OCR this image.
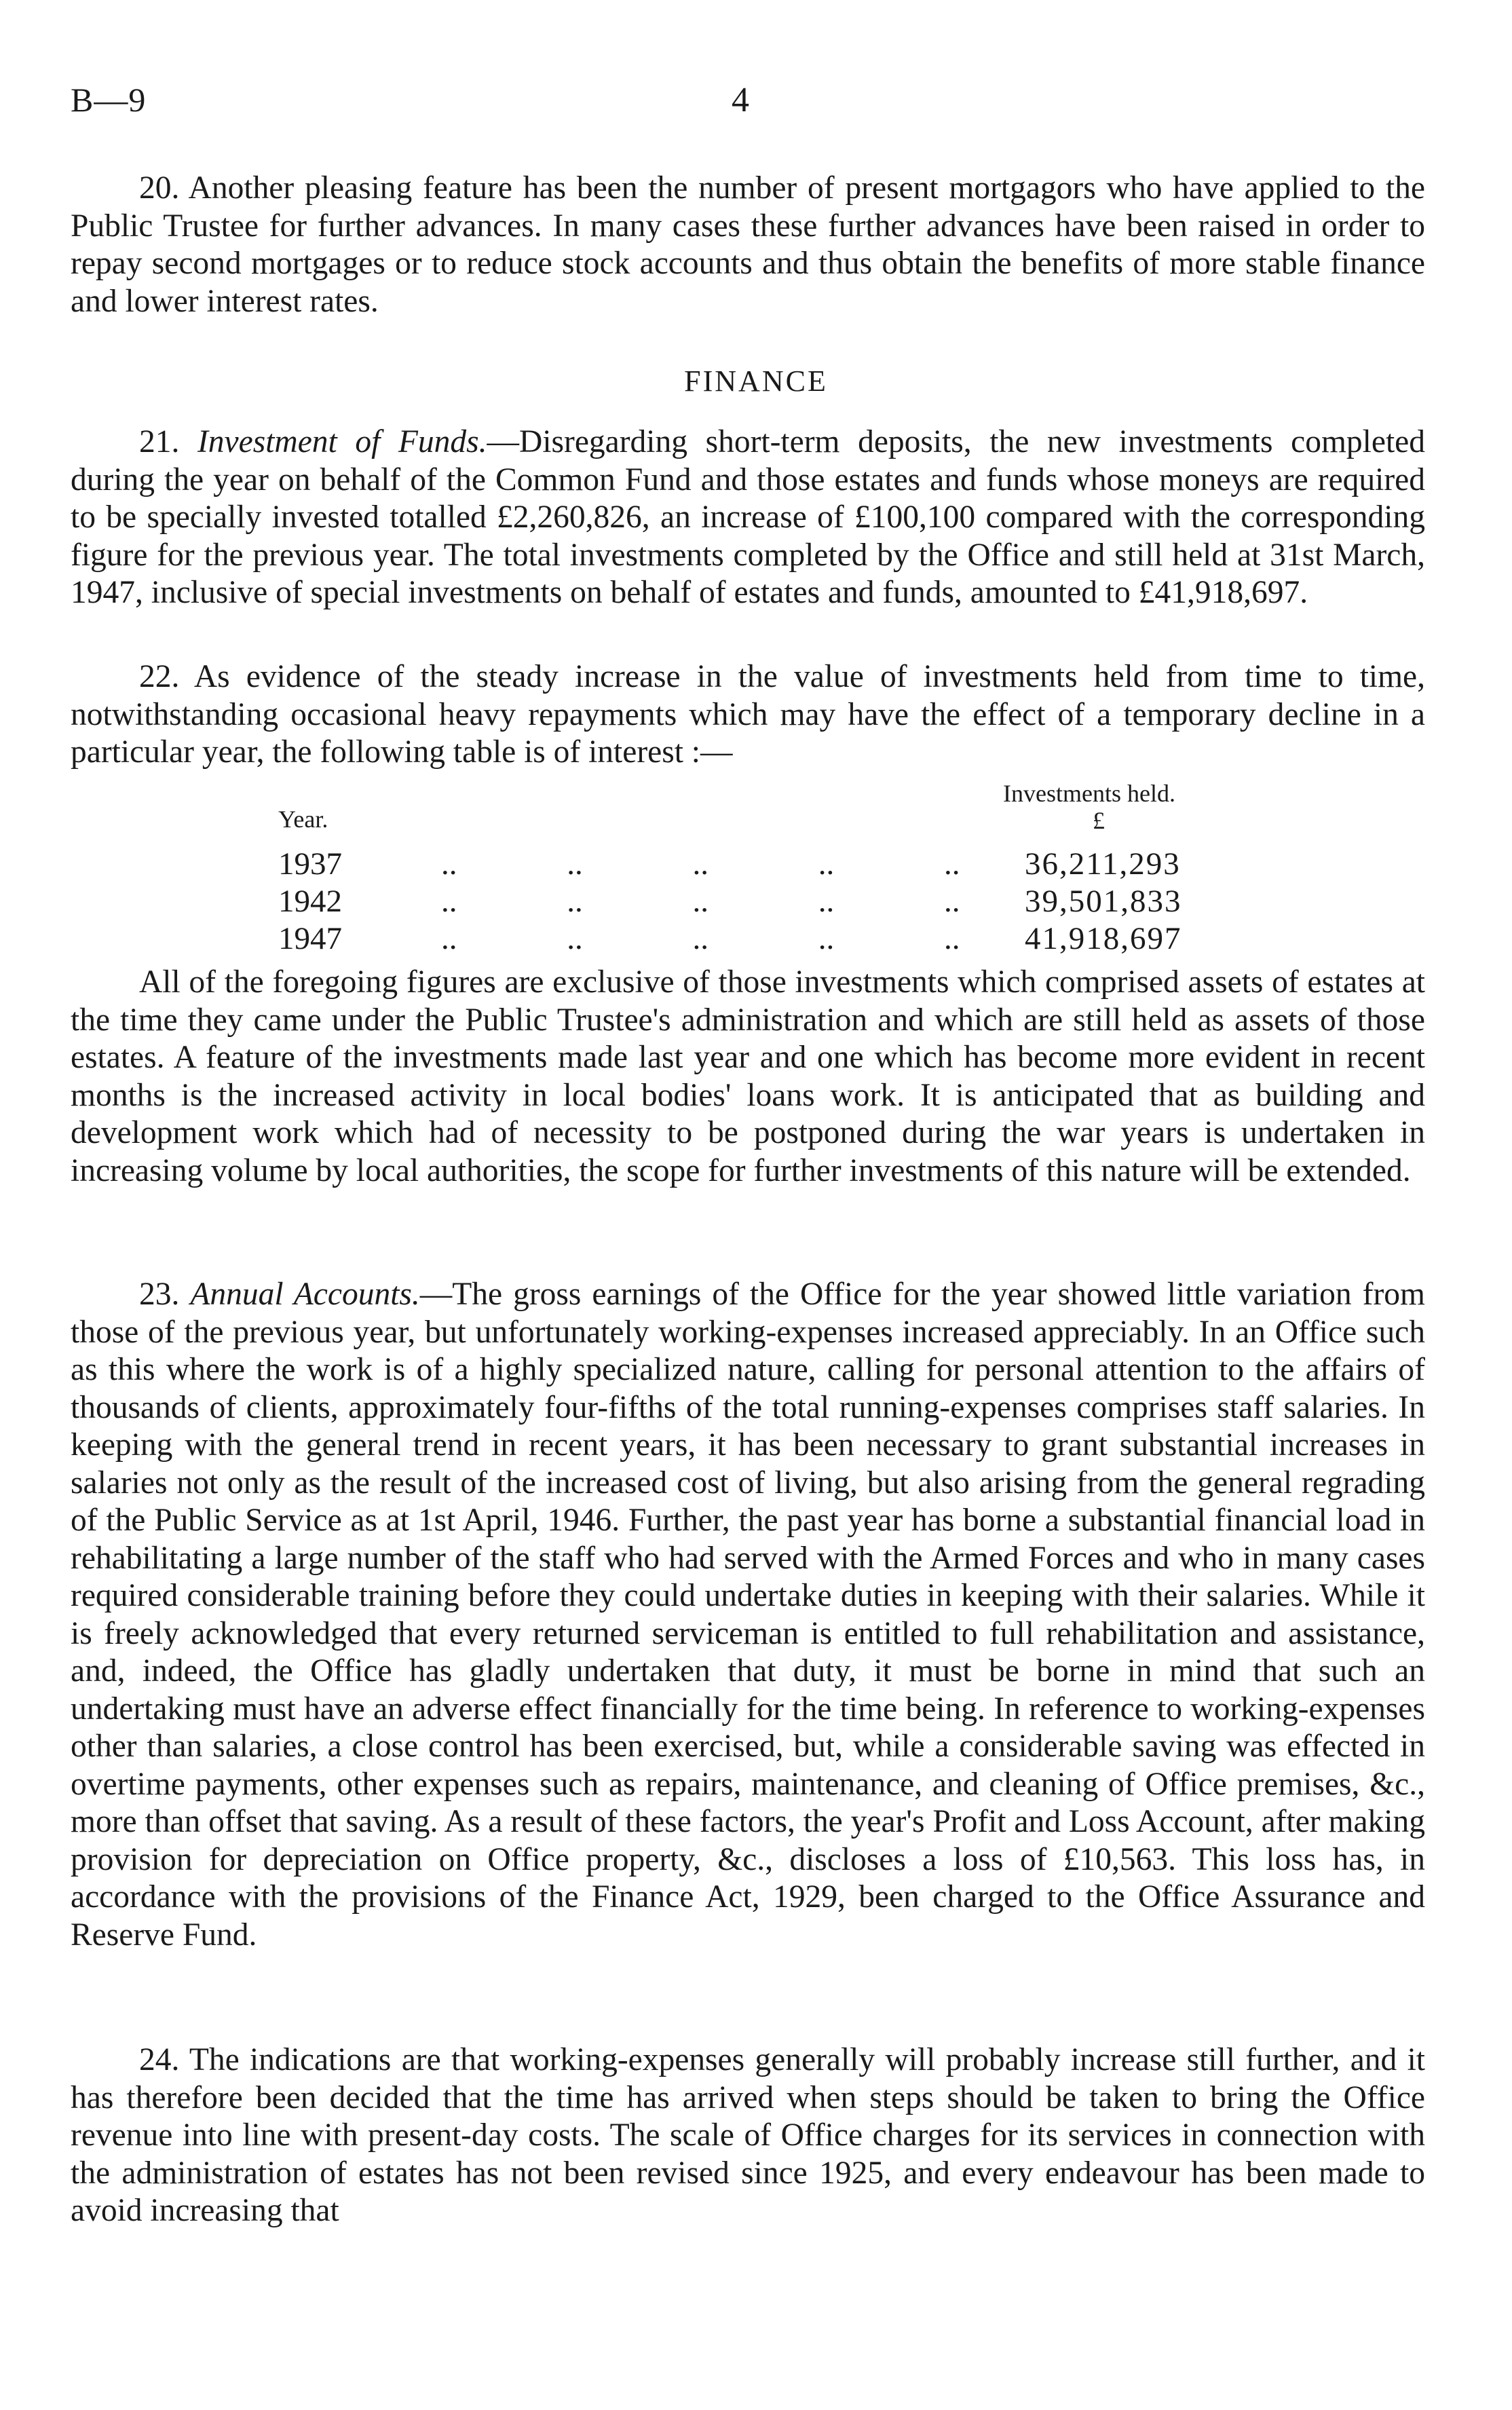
B—9	4

20. Another pleasing feature has been the number of present mortgagors who have applied to the Public Trustee for further advances. In many cases these further advances have been raised in order to repay second mortgages or to reduce stock accounts and thus obtain the benefits of more stable finance and lower interest rates.

FINANCE

21. Investment of Funds.—Disregarding short-term deposits, the new investments completed during the year on behalf of the Common Fund and those estates and funds whose moneys are required to be specially invested totalled £2,260,826, an increase of £100,100 compared with the corresponding figure for the previous year. The total investments completed by the Office and still held at 31st March, 1947, inclusive of special investments on behalf of estates and funds, amounted to £41,918,697.

22. As evidence of the steady increase in the value of investments held from time to time, notwithstanding occasional heavy repayments which may have the effect of a temporary decline in a particular year, the following table is of interest :—

Year.
Investments held.
£
1937	.. .. .. .. .. 36,211,293
1942	.. .. .. .. .. 39,501,833
1947	.. .. .. .. .. 41,918,697

All of the foregoing figures are exclusive of those investments which comprised assets of estates at the time they came under the Public Trustee's administration and which are still held as assets of those estates. A feature of the investments made last year and one which has become more evident in recent months is the increased activity in local bodies' loans work. It is anticipated that as building and development work which had of necessity to be postponed during the war years is undertaken in increasing volume by local authorities, the scope for further investments of this nature will be extended.

23. Annual Accounts.—The gross earnings of the Office for the year showed little variation from those of the previous year, but unfortunately working-expenses increased appreciably. In an Office such as this where the work is of a highly specialized nature, calling for personal attention to the affairs of thousands of clients, approximately four-fifths of the total running-expenses comprises staff salaries. In keeping with the general trend in recent years, it has been necessary to grant substantial increases in salaries not only as the result of the increased cost of living, but also arising from the general regrading of the Public Service as at 1st April, 1946. Further, the past year has borne a substantial financial load in rehabilitating a large number of the staff who had served with the Armed Forces and who in many cases required considerable training before they could undertake duties in keeping with their salaries. While it is freely acknowledged that every returned serviceman is entitled to full rehabilitation and assistance, and, indeed, the Office has gladly undertaken that duty, it must be borne in mind that such an undertaking must have an adverse effect financially for the time being. In reference to working-expenses other than salaries, a close control has been exercised, but, while a considerable saving was effected in overtime payments, other expenses such as repairs, maintenance, and cleaning of Office premises, &c., more than offset that saving. As a result of these factors, the year's Profit and Loss Account, after making provision for depreciation on Office property, &c., discloses a loss of £10,563. This loss has, in accordance with the provisions of the Finance Act, 1929, been charged to the Office Assurance and Reserve Fund.

24. The indications are that working-expenses generally will probably increase still further, and it has therefore been decided that the time has arrived when steps should be taken to bring the Office revenue into line with present-day costs. The scale of Office charges for its services in connection with the administration of estates has not been revised since 1925, and every endeavour has been made to avoid increasing that
